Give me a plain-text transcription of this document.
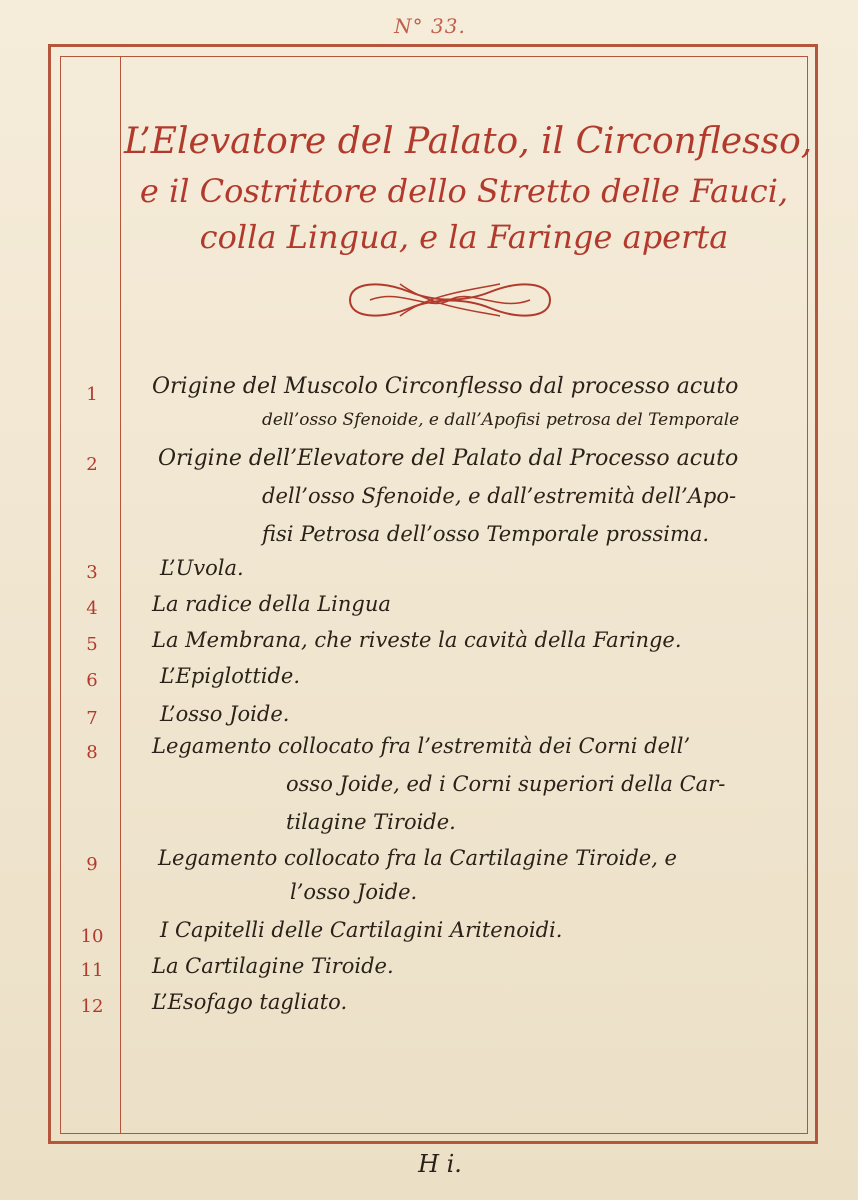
N° 33.
L’Elevatore del Palato, il Circonflesso,
e il Costrittore dello Stretto delle Fauci,
colla Lingua, e la Faringe aperta
1	Origine del Muscolo Circonflesso dal processo acuto
dell’osso Sfenoide, e dall’Apofisi petrosa del Temporale
2	Origine dell’Elevatore del Palato dal Processo acuto
dell’osso Sfenoide, e dall’estremità dell’Apo-
fisi Petrosa dell’osso Temporale prossima.
3	L’Uvola.
4	La radice della Lingua
5	La Membrana, che riveste la cavità della Faringe.
6	L’Epiglottide.
7	L’osso Joide.
8	Legamento collocato fra l’estremità dei Corni dell’
osso Joide, ed i Corni superiori della Car-
tilagine Tiroide.
9	Legamento collocato fra la Cartilagine Tiroide, e
l’osso Joide.
10	I Capitelli delle Cartilagini Aritenoidi.
11	La Cartilagine Tiroide.
12	L’Esofago tagliato.
H i.
